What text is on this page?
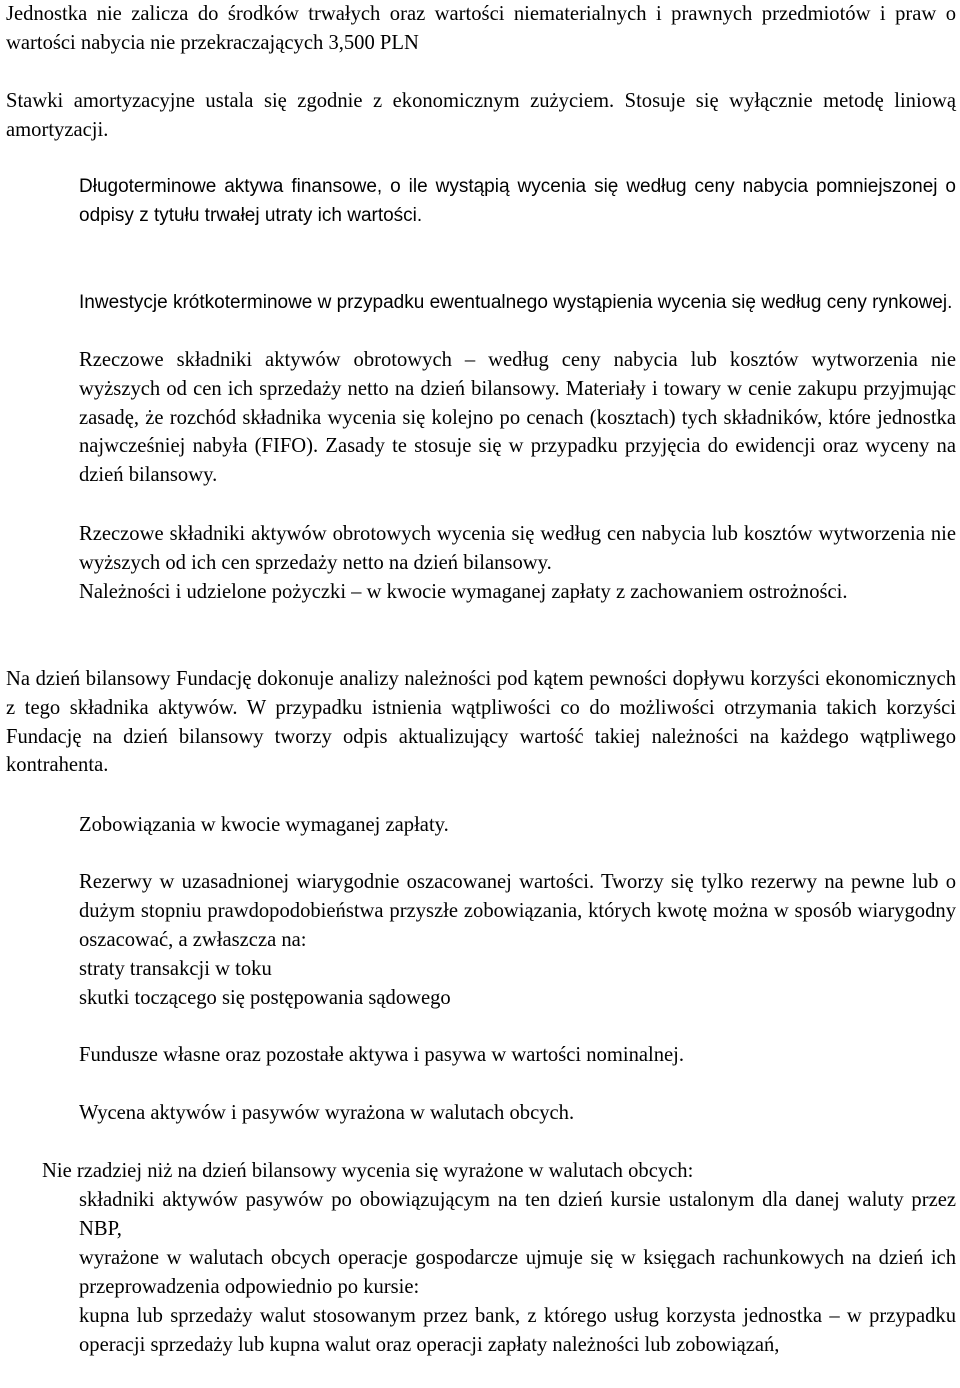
Jednostka nie zalicza do środków trwałych oraz wartości niematerialnych i prawnych przedmiotów i praw o wartości nabycia nie przekraczających 3,500 PLN
Stawki amortyzacyjne ustala się zgodnie z ekonomicznym zużyciem. Stosuje się wyłącznie metodę liniową amortyzacji.
Długoterminowe aktywa finansowe, o ile wystąpią wycenia się według ceny nabycia pomniejszonej o odpisy z tytułu trwałej utraty ich wartości.
Inwestycje krótkoterminowe w przypadku ewentualnego wystąpienia wycenia się według ceny rynkowej.
Rzeczowe składniki aktywów obrotowych – według ceny nabycia lub kosztów wytworzenia nie wyższych od cen ich sprzedaży netto na dzień bilansowy. Materiały i towary w cenie zakupu przyjmując zasadę, że rozchód składnika wycenia się kolejno po cenach (kosztach) tych składników, które jednostka najwcześniej nabyła (FIFO). Zasady te stosuje się w przypadku przyjęcia do ewidencji oraz wyceny na dzień bilansowy.
Rzeczowe składniki aktywów obrotowych wycenia się według cen nabycia lub kosztów wytworzenia nie wyższych od ich cen sprzedaży netto na dzień bilansowy.
Należności i udzielone pożyczki – w kwocie wymaganej zapłaty z zachowaniem ostrożności.
Na dzień bilansowy Fundację dokonuje analizy należności pod kątem pewności dopływu korzyści ekonomicznych z tego składnika aktywów. W przypadku istnienia wątpliwości co do możliwości otrzymania takich korzyści Fundację na dzień bilansowy tworzy odpis aktualizujący wartość takiej należności na każdego wątpliwego kontrahenta.
Zobowiązania w kwocie wymaganej zapłaty.
Rezerwy w uzasadnionej wiarygodnie oszacowanej wartości. Tworzy się tylko rezerwy na pewne lub o dużym stopniu prawdopodobieństwa przyszłe zobowiązania, których kwotę można w sposób wiarygodny oszacować, a zwłaszcza na:
straty transakcji w toku
skutki toczącego się postępowania sądowego
Fundusze własne oraz pozostałe aktywa i pasywa w wartości nominalnej.
Wycena aktywów i pasywów wyrażona w walutach obcych.
Nie rzadziej niż na dzień bilansowy wycenia się wyrażone w walutach obcych:
składniki aktywów pasywów po obowiązującym na ten dzień kursie ustalonym dla danej waluty przez NBP,
wyrażone w walutach obcych operacje gospodarcze ujmuje się w księgach rachunkowych na dzień ich przeprowadzenia odpowiednio po kursie:
kupna lub sprzedaży walut stosowanym przez bank, z którego usług korzysta jednostka – w przypadku operacji sprzedaży lub kupna walut oraz operacji zapłaty należności lub zobowiązań,
